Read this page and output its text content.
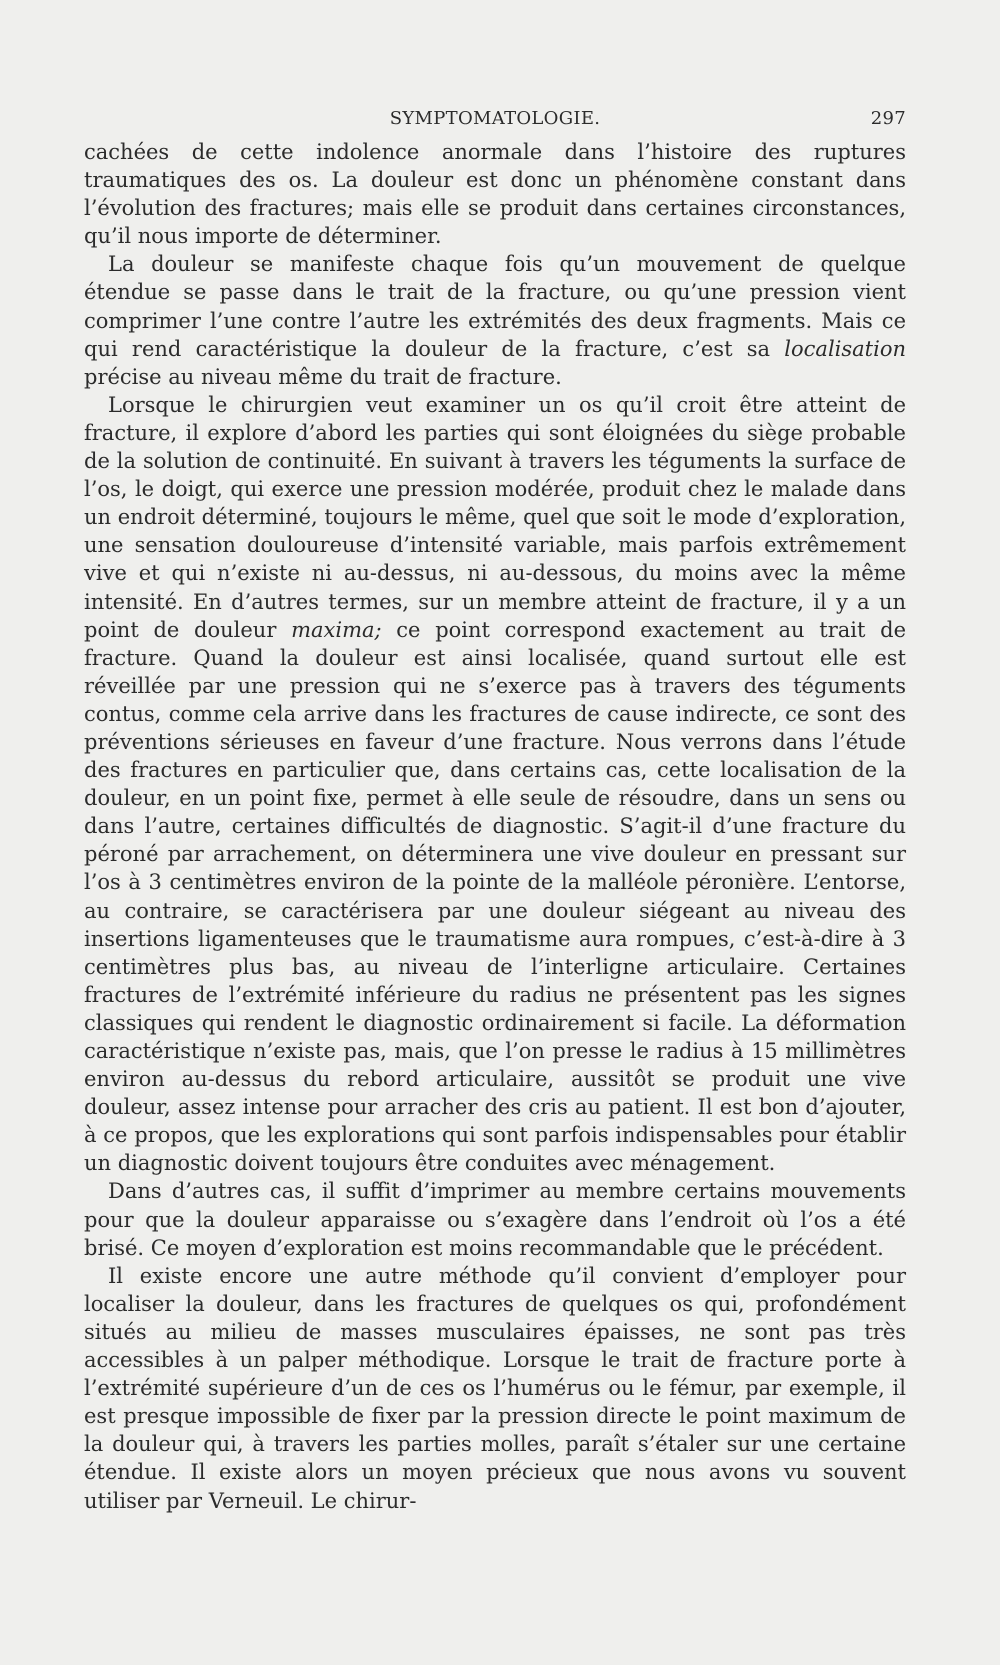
SYMPTOMATOLOGIE.	297

cachées de cette indolence anormale dans l’histoire des ruptures traumatiques des os. La douleur est donc un phénomène constant dans l’évolution des fractures; mais elle se produit dans certaines circonstances, qu’il nous importe de déterminer.

La douleur se manifeste chaque fois qu’un mouvement de quelque étendue se passe dans le trait de la fracture, ou qu’une pression vient comprimer l’une contre l’autre les extrémités des deux fragments. Mais ce qui rend caractéristique la douleur de la fracture, c’est sa localisation précise au niveau même du trait de fracture.

Lorsque le chirurgien veut examiner un os qu’il croit être atteint de fracture, il explore d’abord les parties qui sont éloignées du siège probable de la solution de continuité. En suivant à travers les téguments la surface de l’os, le doigt, qui exerce une pression modérée, produit chez le malade dans un endroit déterminé, toujours le même, quel que soit le mode d’exploration, une sensation douloureuse d’intensité variable, mais parfois extrêmement vive et qui n’existe ni au-dessus, ni au-dessous, du moins avec la même intensité. En d’autres termes, sur un membre atteint de fracture, il y a un point de douleur maxima; ce point correspond exactement au trait de fracture. Quand la douleur est ainsi localisée, quand surtout elle est réveillée par une pression qui ne s’exerce pas à travers des téguments contus, comme cela arrive dans les fractures de cause indirecte, ce sont des préventions sérieuses en faveur d’une fracture. Nous verrons dans l’étude des fractures en particulier que, dans certains cas, cette localisation de la douleur, en un point fixe, permet à elle seule de résoudre, dans un sens ou dans l’autre, certaines difficultés de diagnostic. S’agit-il d’une fracture du péroné par arrachement, on déterminera une vive douleur en pressant sur l’os à 3 centimètres environ de la pointe de la malléole péronière. L’entorse, au contraire, se caractérisera par une douleur siégeant au niveau des insertions ligamenteuses que le traumatisme aura rompues, c’est-à-dire à 3 centimètres plus bas, au niveau de l’interligne articulaire. Certaines fractures de l’extrémité inférieure du radius ne présentent pas les signes classiques qui rendent le diagnostic ordinairement si facile. La déformation caractéristique n’existe pas, mais, que l’on presse le radius à 15 millimètres environ au-dessus du rebord articulaire, aussitôt se produit une vive douleur, assez intense pour arracher des cris au patient. Il est bon d’ajouter, à ce propos, que les explorations qui sont parfois indispensables pour établir un diagnostic doivent toujours être conduites avec ménagement.

Dans d’autres cas, il suffit d’imprimer au membre certains mouvements pour que la douleur apparaisse ou s’exagère dans l’endroit où l’os a été brisé. Ce moyen d’exploration est moins recommandable que le précédent.

Il existe encore une autre méthode qu’il convient d’employer pour localiser la douleur, dans les fractures de quelques os qui, profondément situés au milieu de masses musculaires épaisses, ne sont pas très accessibles à un palper méthodique. Lorsque le trait de fracture porte à l’extrémité supérieure d’un de ces os l’humérus ou le fémur, par exemple, il est presque impossible de fixer par la pression directe le point maximum de la douleur qui, à travers les parties molles, paraît s’étaler sur une certaine étendue. Il existe alors un moyen précieux que nous avons vu souvent utiliser par Verneuil. Le chirur-
